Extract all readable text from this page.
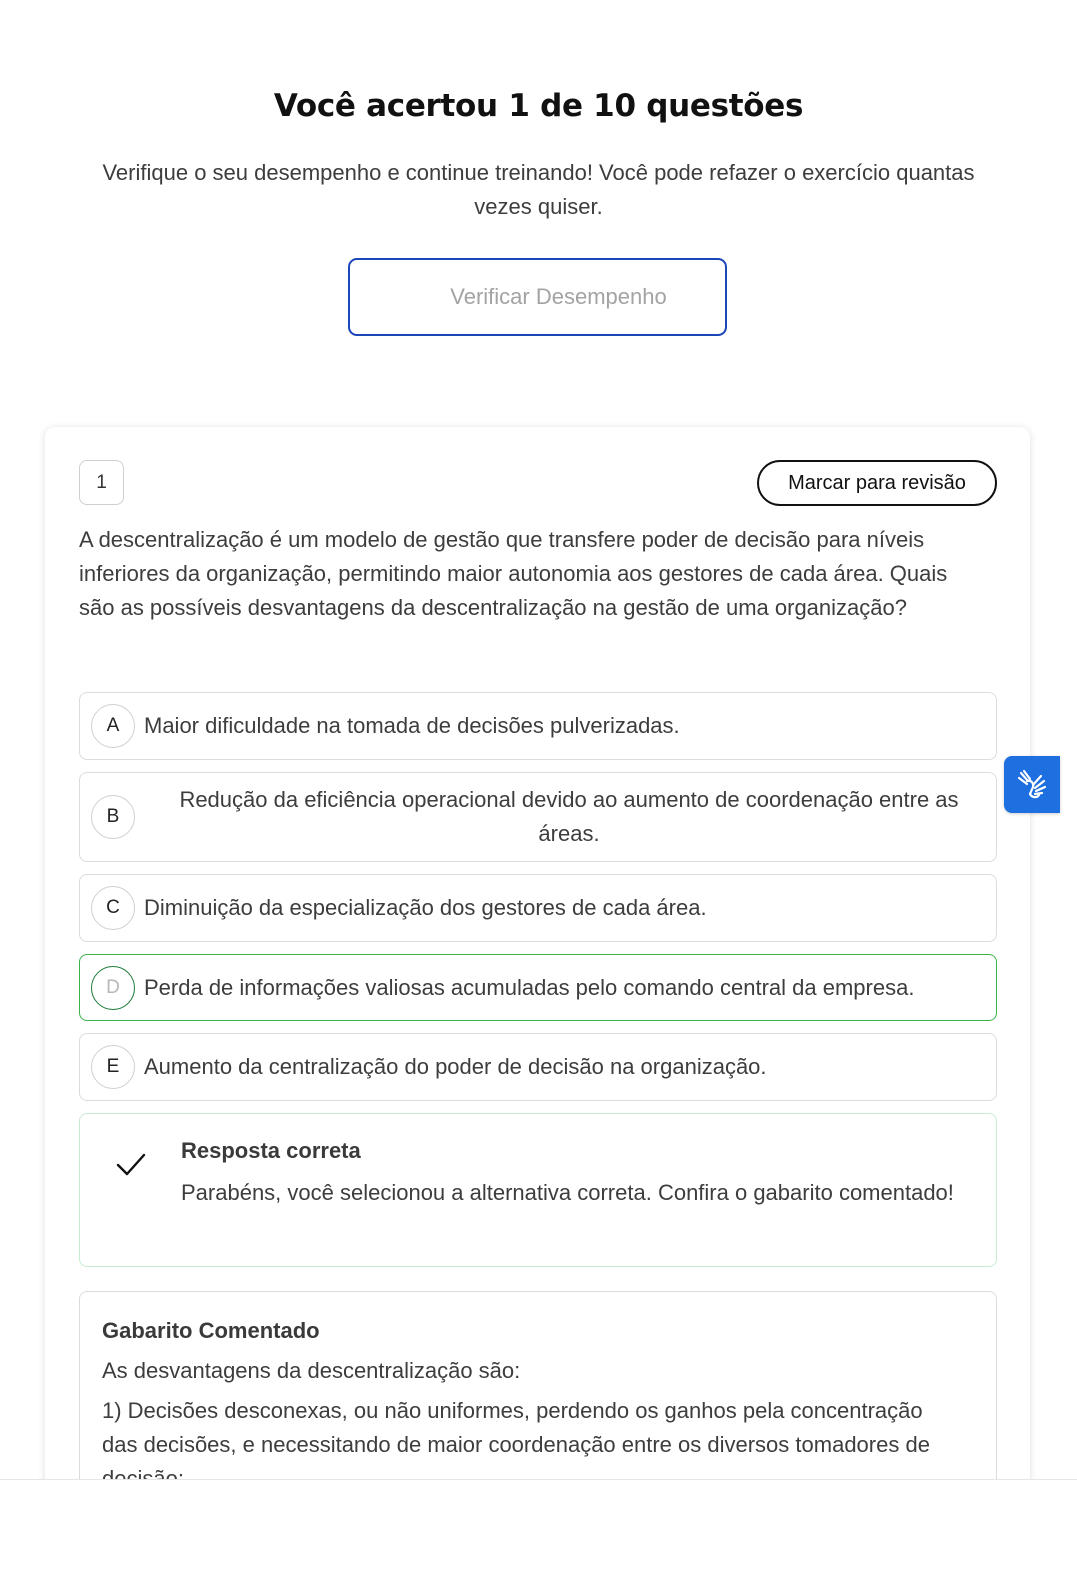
Você acertou 1 de 10 questões

Verifique o seu desempenho e continue treinando! Você pode refazer o exercício quantas vezes quiser.

Verificar Desempenho
1	Marcar para revisão
A descentralização é um modelo de gestão que transfere poder de decisão para níveis inferiores da organização, permitindo maior autonomia aos gestores de cada área. Quais são as possíveis desvantagens da descentralização na gestão de uma organização?
A	Maior dificuldade na tomada de decisões pulverizadas.
B
Redução da eficiência operacional devido ao aumento de coordenação entre as áreas.
C	Diminuição da especialização dos gestores de cada área.
D	Perda de informações valiosas acumuladas pelo comando central da empresa.
E	Aumento da centralização do poder de decisão na organização.
Resposta correta
Parabéns, você selecionou a alternativa correta. Confira o gabarito comentado!
Gabarito Comentado
As desvantagens da descentralização são:
1) Decisões desconexas, ou não uniformes, perdendo os ganhos pela concentração das decisões, e necessitando de maior coordenação entre os diversos tomadores de
